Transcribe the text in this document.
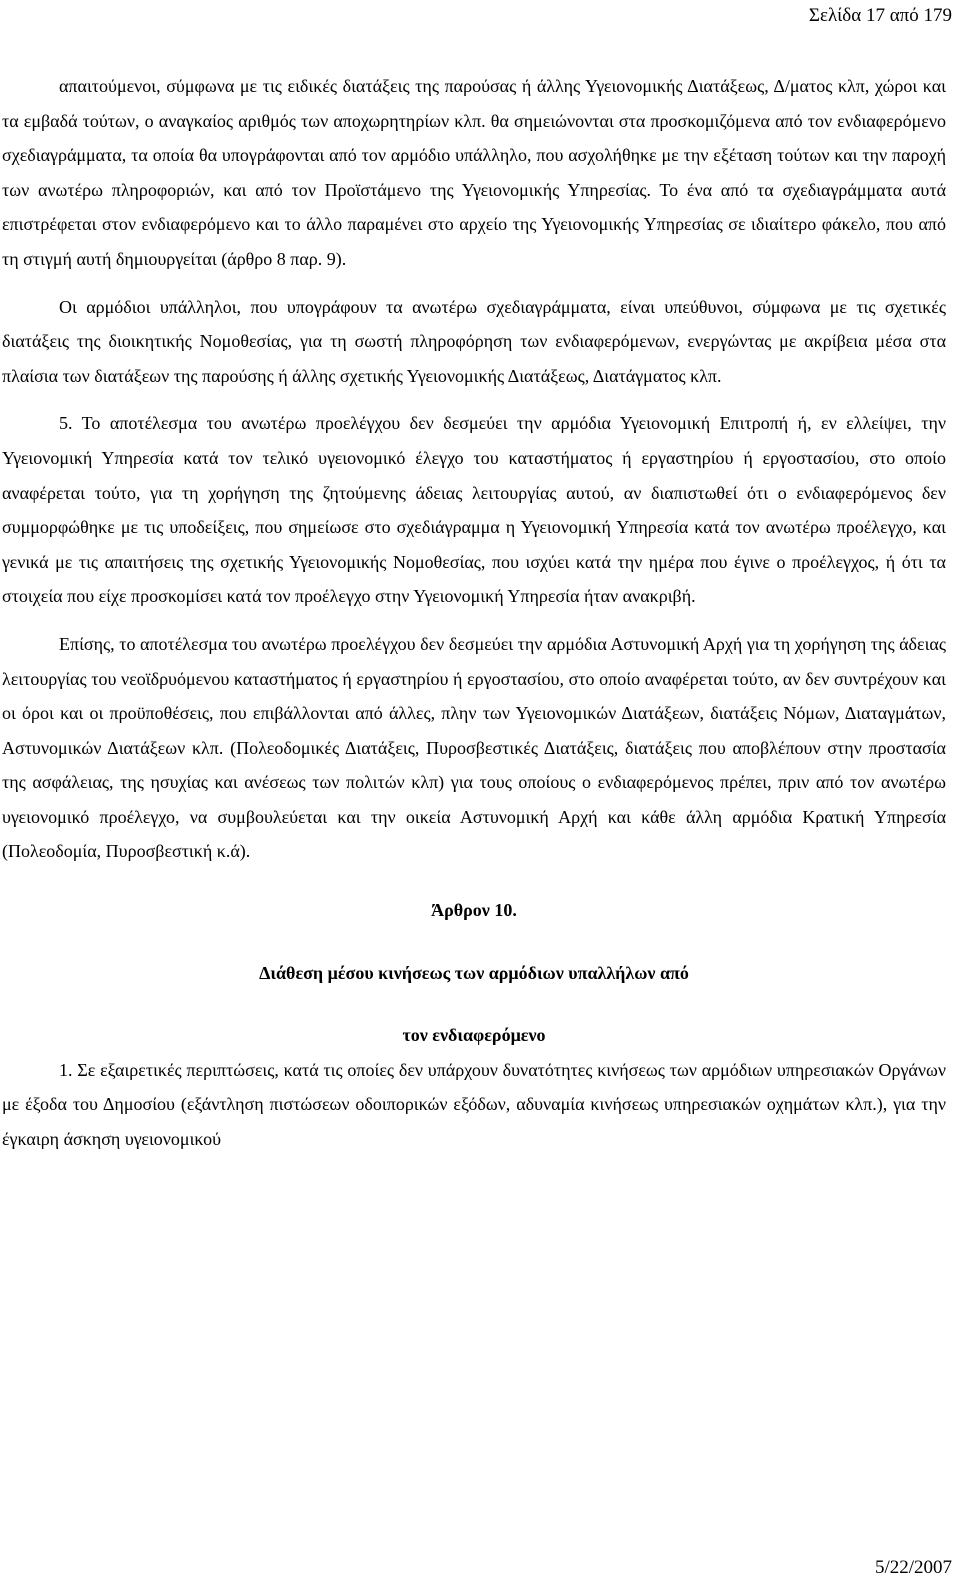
Σελίδα 17 από 179

απαιτούμενοι, σύμφωνα με τις ειδικές διατάξεις της παρούσας ή άλλης Υγειονομικής Διατάξεως, Δ/ματος κλπ, χώροι και τα εμβαδά τούτων, ο αναγκαίος αριθμός των αποχωρητηρίων κλπ. θα σημειώνονται στα προσκομιζόμενα από τον ενδιαφερόμενο σχεδιαγράμματα, τα οποία θα υπογράφονται από τον αρμόδιο υπάλληλο, που ασχολήθηκε με την εξέταση τούτων και την παροχή των ανωτέρω πληροφοριών, και από τον Προϊστάμενο της Υγειονομικής Υπηρεσίας. Το ένα από τα σχεδιαγράμματα αυτά επιστρέφεται στον ενδιαφερόμενο και το άλλο παραμένει στο αρχείο της Υγειονομικής Υπηρεσίας σε ιδιαίτερο φάκελο, που από τη στιγμή αυτή δημιουργείται (άρθρο 8 παρ. 9).

Οι αρμόδιοι υπάλληλοι, που υπογράφουν τα ανωτέρω σχεδιαγράμματα, είναι υπεύθυνοι, σύμφωνα με τις σχετικές διατάξεις της διοικητικής Νομοθεσίας, για τη σωστή πληροφόρηση των ενδιαφερόμενων, ενεργώντας με ακρίβεια μέσα στα πλαίσια των διατάξεων της παρούσης ή άλλης σχετικής Υγειονομικής Διατάξεως, Διατάγματος κλπ.

5. Το αποτέλεσμα του ανωτέρω προελέγχου δεν δεσμεύει την αρμόδια Υγειονομική Επιτροπή ή, εν ελλείψει, την Υγειονομική Υπηρεσία κατά τον τελικό υγειονομικό έλεγχο του καταστήματος ή εργαστηρίου ή εργοστασίου, στο οποίο αναφέρεται τούτο, για τη χορήγηση της ζητούμενης άδειας λειτουργίας αυτού, αν διαπιστωθεί ότι ο ενδιαφερόμενος δεν συμμορφώθηκε με τις υποδείξεις, που σημείωσε στο σχεδιάγραμμα η Υγειονομική Υπηρεσία κατά τον ανωτέρω προέλεγχο, και γενικά με τις απαιτήσεις της σχετικής Υγειονομικής Νομοθεσίας, που ισχύει κατά την ημέρα που έγινε ο προέλεγχος, ή ότι τα στοιχεία που είχε προσκομίσει κατά τον προέλεγχο στην Υγειονομική Υπηρεσία ήταν ανακριβή.

Επίσης, το αποτέλεσμα του ανωτέρω προελέγχου δεν δεσμεύει την αρμόδια Αστυνομική Αρχή για τη χορήγηση της άδειας λειτουργίας του νεοϊδρυόμενου καταστήματος ή εργαστηρίου ή εργοστασίου, στο οποίο αναφέρεται τούτο, αν δεν συντρέχουν και οι όροι και οι προϋποθέσεις, που επιβάλλονται από άλλες, πλην των Υγειονομικών Διατάξεων, διατάξεις Νόμων, Διαταγμάτων, Αστυνομικών Διατάξεων κλπ. (Πολεοδομικές Διατάξεις, Πυροσβεστικές Διατάξεις, διατάξεις που αποβλέπουν στην προστασία της ασφάλειας, της ησυχίας και ανέσεως των πολιτών κλπ) για τους οποίους ο ενδιαφερόμενος πρέπει, πριν από τον ανωτέρω υγειονομικό προέλεγχο, να συμβουλεύεται και την οικεία Αστυνομική Αρχή και κάθε άλλη αρμόδια Κρατική Υπηρεσία (Πολεοδομία, Πυροσβεστική κ.ά).

Άρθρον 10.

Διάθεση μέσου κινήσεως των αρμόδιων υπαλλήλων από

τον ενδιαφερόμενο

1. Σε εξαιρετικές περιπτώσεις, κατά τις οποίες δεν υπάρχουν δυνατότητες κινήσεως των αρμόδιων υπηρεσιακών Οργάνων με έξοδα του Δημοσίου (εξάντληση πιστώσεων οδοιπορικών εξόδων, αδυναμία κινήσεως υπηρεσιακών οχημάτων κλπ.), για την έγκαιρη άσκηση υγειονομικού

5/22/2007
